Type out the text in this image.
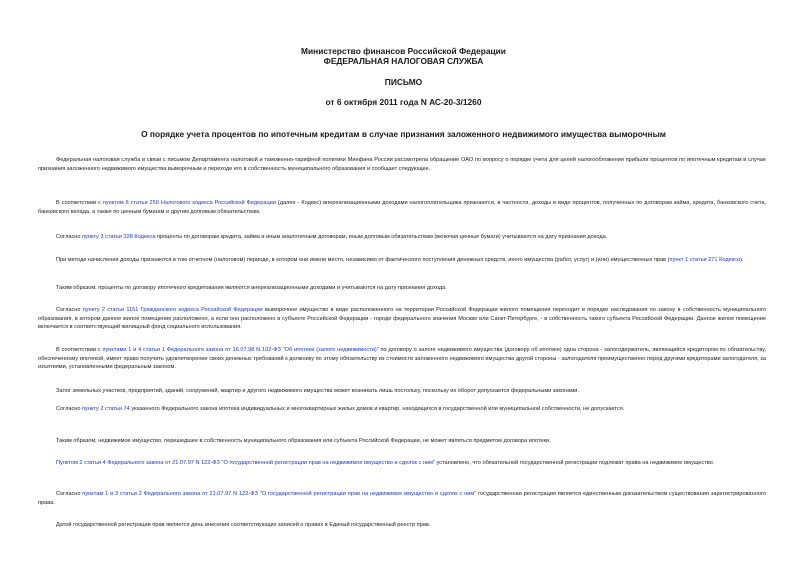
Министерство финансов Российской Федерации
ФЕДЕРАЛЬНАЯ НАЛОГОВАЯ СЛУЖБА
ПИСЬМО
от 6 октября 2011 года N АС-20-3/1260
О порядке учета процентов по ипотечным кредитам в случае признания заложенного недвижимого имущества выморочным

Федеральная налоговая служба в связи с письмом Департамента налоговой и таможенно-тарифной политики Минфина России рассмотрела обращение ОАО по вопросу о порядке учета для целей налогообложения прибыли процентов по ипотечным кредитам в случае признания заложенного недвижимого имущества выморочным и переходе его в собственность муниципального образования и сообщает следующее.

В соответствии с пунктом 6 статьи 250 Налогового кодекса Российской Федерации (далее - Кодекс) внереализационными доходами налогоплательщика признаются, в частности, доходы в виде процентов, полученных по договорам займа, кредита, банковского счета, банковского вклада, а также по ценным бумагам и другим долговым обязательствам.

Согласно пункту 3 статьи 328 Кодекса проценты по договорам кредита, займа и иным аналогичным договорам, иным долговым обязательствам (включая ценные бумаги) учитываются на дату признания дохода.

При методе начисления доходы признаются в том отчетном (налоговом) периоде, в котором они имели место, независимо от фактического поступления денежных средств, иного имущества (работ, услуг) и (или) имущественных прав (пункт 1 статьи 271 Кодекса).

Таким образом, проценты по договору ипотечного кредитования являются внереализационными доходами и учитываются на дату признания дохода.

Согласно пункту 2 статьи 1151 Гражданского кодекса Российской Федерации выморочное имущество в виде расположенного на территории Российской Федерации жилого помещения переходит в порядке наследования по закону в собственность муниципального образования, в котором данное жилое помещение расположено, а если оно расположено в субъекте Российской Федерации - городе федерального значения Москве или Санкт-Петербурге, - в собственность такого субъекта Российской Федерации. Данное жилое помещение включается в соответствующий жилищный фонд социального использования.

В соответствии с пунктами 1 и 4 статьи 1 Федерального закона от 16.07.98 N 102-ФЗ "Об ипотеке (залоге недвижимости)" по договору о залоге недвижимого имущества (договору об ипотеке) одна сторона - залогодержатель, являющийся кредитором по обязательству, обеспеченному ипотекой, имеет право получить удовлетворение своих денежных требований к должнику по этому обязательству из стоимости заложенного недвижимого имущества другой стороны - залогодателя преимущественно перед другими кредиторами залогодателя, за изъятиями, установленными федеральным законом.

Залог земельных участков, предприятий, зданий, сооружений, квартир и другого недвижимого имущества может возникать лишь постольку, поскольку их оборот допускается федеральными законами.

Согласно пункту 2 статьи 74 указанного Федерального закона ипотека индивидуальных и многоквартирных жилых домов и квартир, находящихся в государственной или муниципальной собственности, не допускается.

Таким образом, недвижимое имущество, перешедшее в собственность муниципального образования или субъекта Российской Федерации, не может являться предметом договора ипотеки.

Пунктом 2 статьи 4 Федерального закона от 21.07.97 N 122-ФЗ "О государственной регистрации прав на недвижимое имущество и сделок с ним" установлено, что обязательной государственной регистрации подлежат права на недвижимое имущество.

Согласно пунктам 1 и 3 статьи 2 Федерального закона от 21.07.97 N 122-ФЗ "О государственной регистрации прав на недвижимое имущество и сделок с ним" государственная регистрация является единственным доказательством существования зарегистрированного права.

Датой государственной регистрации прав является день внесения соответствующих записей о правах в Единый государственный реестр прав.
